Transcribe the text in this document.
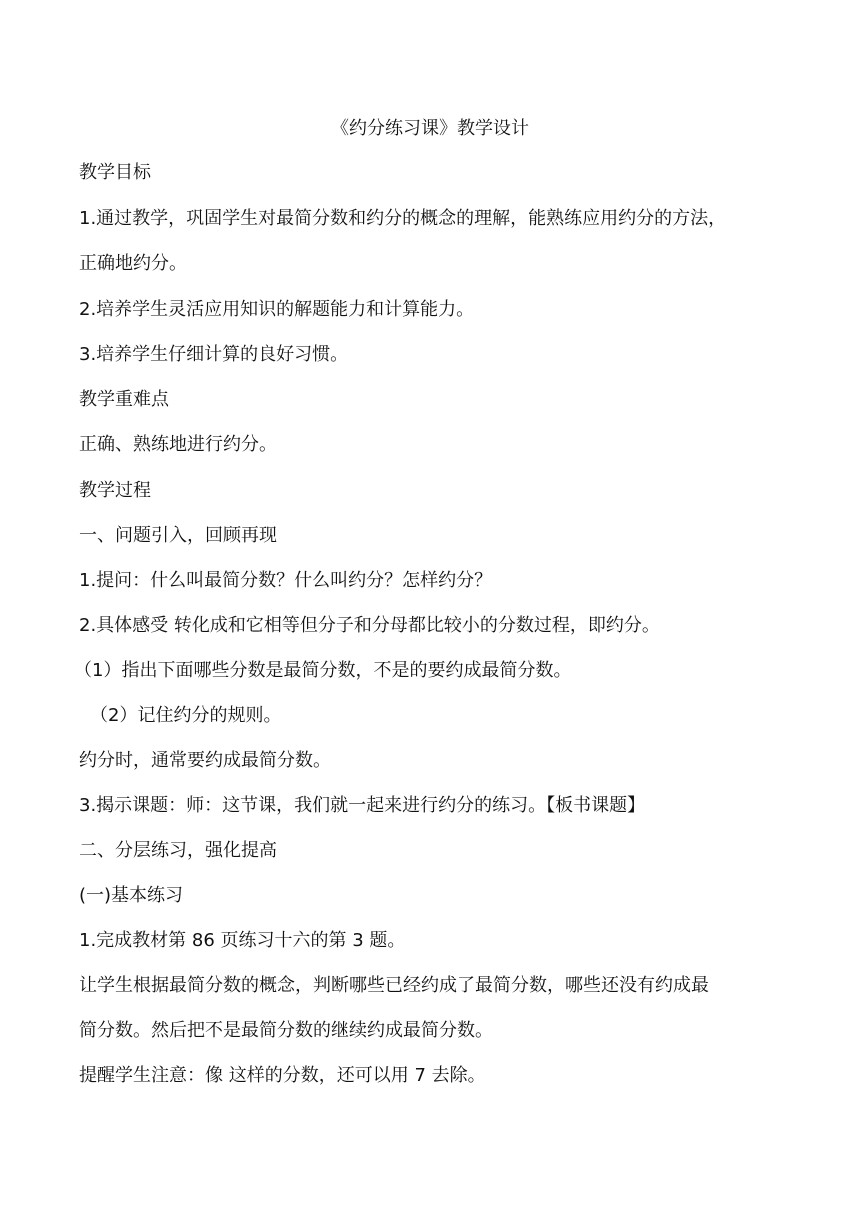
《约分练习课》教学设计
教学目标
1.通过教学，巩固学生对最简分数和约分的概念的理解，能熟练应用约分的方法，
正确地约分。
2.培养学生灵活应用知识的解题能力和计算能力。
3.培养学生仔细计算的良好习惯。
教学重难点
正确、熟练地进行约分。
教学过程
一、问题引入，回顾再现
1.提问：什么叫最简分数？什么叫约分？怎样约分？
2.具体感受 转化成和它相等但分子和分母都比较小的分数过程，即约分。
（1）指出下面哪些分数是最简分数，不是的要约成最简分数。
（2）记住约分的规则。
约分时，通常要约成最简分数。
3.揭示课题：师：这节课，我们就一起来进行约分的练习。【板书课题】
二、分层练习，强化提高
(一)基本练习
1.完成教材第 86 页练习十六的第 3 题。
让学生根据最简分数的概念，判断哪些已经约成了最简分数，哪些还没有约成最
简分数。然后把不是最简分数的继续约成最简分数。
提醒学生注意：像 这样的分数，还可以用 7 去除。
